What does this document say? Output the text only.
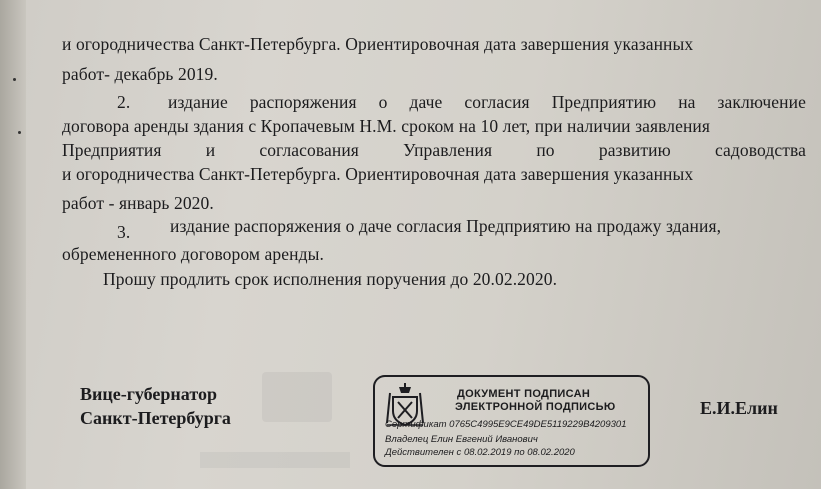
и огородничества Санкт-Петербурга. Ориентировочная дата завершения указанных
работ- декабрь 2019.
2. издание распоряжения о даче согласия Предприятию на заключение
договора аренды здания с Кропачевым Н.М. сроком на 10 лет, при наличии заявления
Предприятия	и	согласования	Управления	по	развитию	садоводства
и огородничества Санкт-Петербурга. Ориентировочная дата завершения указанных
работ - январь 2020.
3. издание распоряжения о даче согласия Предприятию на продажу здания,
обремененного договором аренды.
Прошу продлить срок исполнения поручения до 20.02.2020.
Вице-губернатор
Санкт-Петербурга
ДОКУМЕНТ ПОДПИСАН
ЭЛЕКТРОННОЙ ПОДПИСЬЮ
Сертификат 0765C4995E9CE49DE5119229B4209301
Владелец Елин Евгений Иванович
Действителен с 08.02.2019 по 08.02.2020
Е.И.Елин
